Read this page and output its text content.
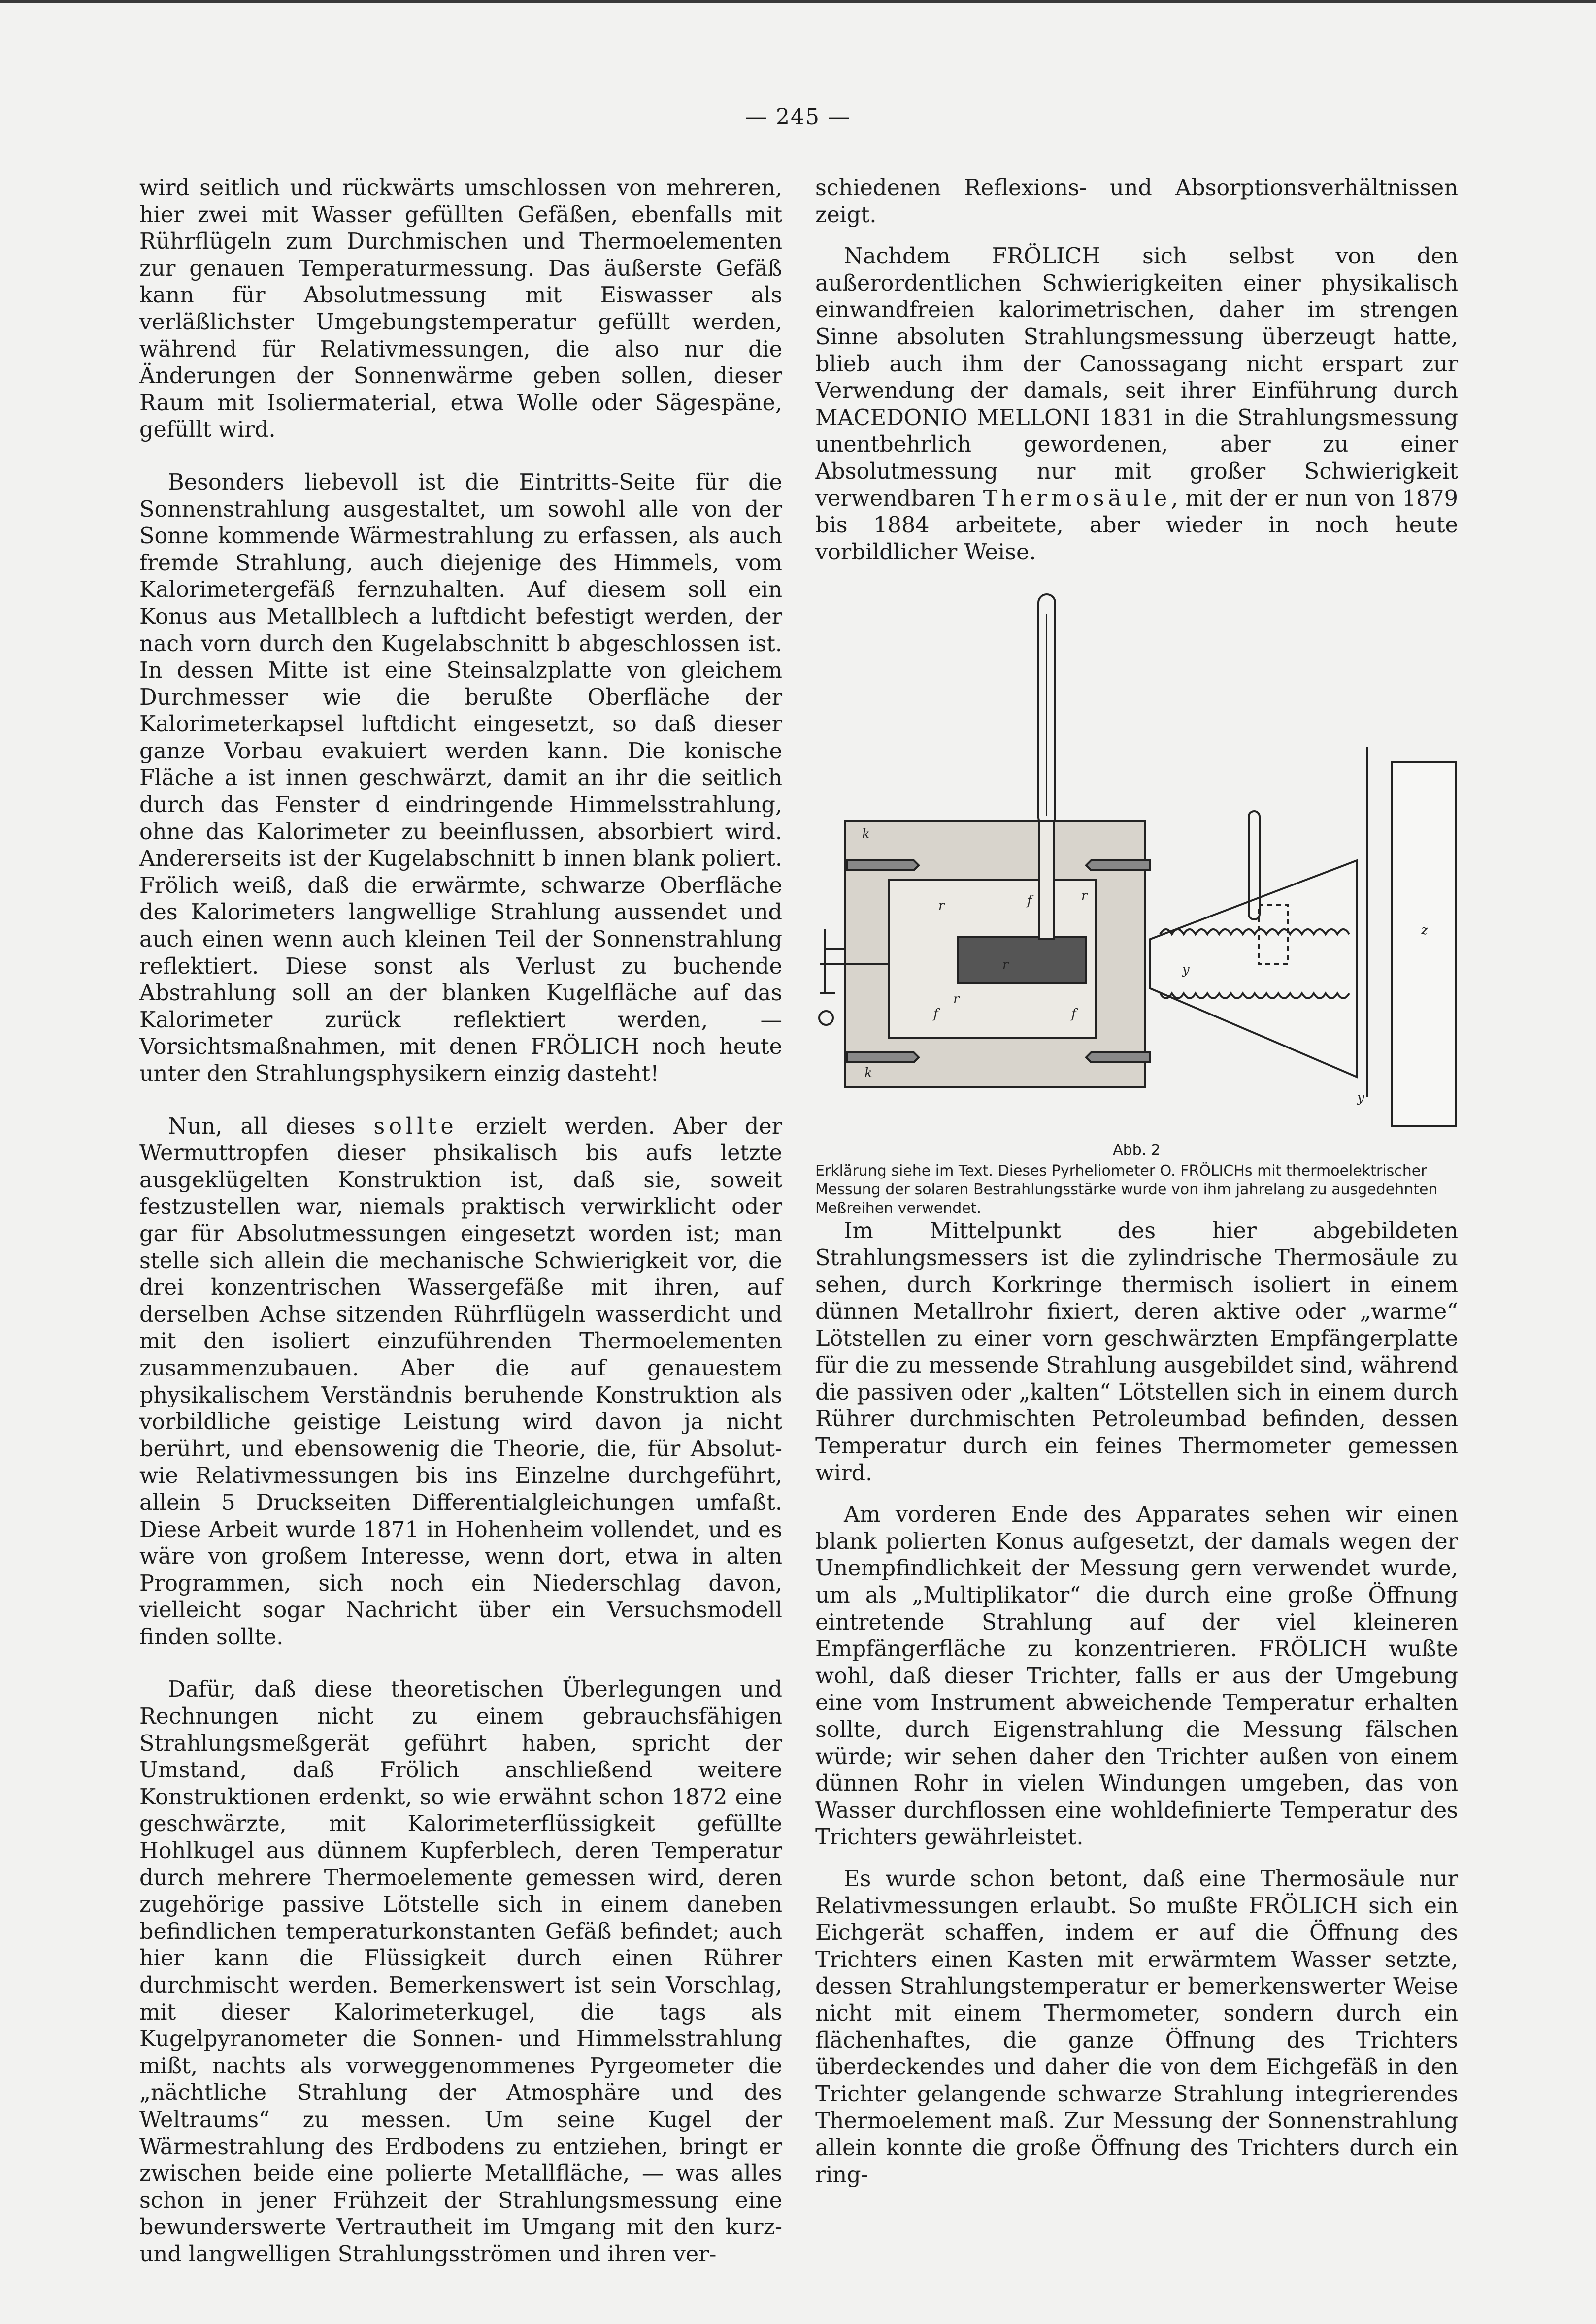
— 245 —

wird seitlich und rückwärts umschlossen von mehreren, hier zwei mit Wasser gefüllten Gefäßen, ebenfalls mit Rührflügeln zum Durchmischen und Thermoelementen zur genauen Temperaturmessung. Das äußerste Gefäß kann für Absolutmessung mit Eiswasser als verläßlichster Umgebungstemperatur gefüllt werden, während für Relativmessungen, die also nur die Änderungen der Sonnenwärme geben sollen, dieser Raum mit Isoliermaterial, etwa Wolle oder Sägespäne, gefüllt wird.

Besonders liebevoll ist die Eintritts-Seite für die Sonnenstrahlung ausgestaltet, um sowohl alle von der Sonne kommende Wärmestrahlung zu erfassen, als auch fremde Strahlung, auch diejenige des Himmels, vom Kalorimetergefäß fernzuhalten. Auf diesem soll ein Konus aus Metallblech a luftdicht befestigt werden, der nach vorn durch den Kugelabschnitt b abgeschlossen ist. In dessen Mitte ist eine Steinsalzplatte von gleichem Durchmesser wie die berußte Oberfläche der Kalorimeterkapsel luftdicht eingesetzt, so daß dieser ganze Vorbau evakuiert werden kann. Die konische Fläche a ist innen geschwärzt, damit an ihr die seitlich durch das Fenster d eindringende Himmelsstrahlung, ohne das Kalorimeter zu beeinflussen, absorbiert wird. Andererseits ist der Kugelabschnitt b innen blank poliert. Frölich weiß, daß die erwärmte, schwarze Oberfläche des Kalorimeters langwellige Strahlung aussendet und auch einen wenn auch kleinen Teil der Sonnenstrahlung reflektiert. Diese sonst als Verlust zu buchende Abstrahlung soll an der blanken Kugelfläche auf das Kalorimeter zurück reflektiert werden, — Vorsichtsmaßnahmen, mit denen FRÖLICH noch heute unter den Strahlungsphysikern einzig dasteht!

Nun, all dieses sollte erzielt werden. Aber der Wermuttropfen dieser phsikalisch bis aufs letzte ausgeklügelten Konstruktion ist, daß sie, soweit festzustellen war, niemals praktisch verwirklicht oder gar für Absolutmessungen eingesetzt worden ist; man stelle sich allein die mechanische Schwierigkeit vor, die drei konzentrischen Wassergefäße mit ihren, auf derselben Achse sitzenden Rührflügeln wasserdicht und mit den isoliert einzuführenden Thermoelementen zusammenzubauen. Aber die auf genauestem physikalischem Verständnis beruhende Konstruktion als vorbildliche geistige Leistung wird davon ja nicht berührt, und ebensowenig die Theorie, die, für Absolut- wie Relativmessungen bis ins Einzelne durchgeführt, allein 5 Druckseiten Differentialgleichungen umfaßt. Diese Arbeit wurde 1871 in Hohenheim vollendet, und es wäre von großem Interesse, wenn dort, etwa in alten Programmen, sich noch ein Niederschlag davon, vielleicht sogar Nachricht über ein Versuchsmodell finden sollte.

Dafür, daß diese theoretischen Überlegungen und Rechnungen nicht zu einem gebrauchsfähigen Strahlungsmeßgerät geführt haben, spricht der Umstand, daß Frölich anschließend weitere Konstruktionen erdenkt, so wie erwähnt schon 1872 eine geschwärzte, mit Kalorimeterflüssigkeit gefüllte Hohlkugel aus dünnem Kupferblech, deren Temperatur durch mehrere Thermoelemente gemessen wird, deren zugehörige passive Lötstelle sich in einem daneben befindlichen temperaturkonstanten Gefäß befindet; auch hier kann die Flüssigkeit durch einen Rührer durchmischt werden. Bemerkenswert ist sein Vorschlag, mit dieser Kalorimeterkugel, die tags als Kugelpyranometer die Sonnen- und Himmelsstrahlung mißt, nachts als vorweggenommenes Pyrgeometer die „nächtliche Strahlung der Atmosphäre und des Weltraums“ zu messen. Um seine Kugel der Wärmestrahlung des Erdbodens zu entziehen, bringt er zwischen beide eine polierte Metallfläche, — was alles schon in jener Frühzeit der Strahlungsmessung eine bewunderswerte Vertrautheit im Umgang mit den kurz- und langwelligen Strahlungsströmen und ihren ver-

schiedenen Reflexions- und Absorptionsverhältnissen zeigt.

Nachdem FRÖLICH sich selbst von den außerordentlichen Schwierigkeiten einer physikalisch einwandfreien kalorimetrischen, daher im strengen Sinne absoluten Strahlungsmessung überzeugt hatte, blieb auch ihm der Canossagang nicht erspart zur Verwendung der damals, seit ihrer Einführung durch MACEDONIO MELLONI 1831 in die Strahlungsmessung unentbehrlich gewordenen, aber zu einer Absolutmessung nur mit großer Schwierigkeit verwendbaren Thermosäule, mit der er nun von 1879 bis 1884 arbeitete, aber wieder in noch heute vorbildlicher Weise.

k
r
r
r
r
f	f
f
k
y
z
y
Abb. 2
Erklärung siehe im Text. Dieses Pyrheliometer O. FRÖLICHs mit thermoelektrischer Messung der solaren Bestrahlungsstärke wurde von ihm jahrelang zu ausgedehnten Meßreihen verwendet.

Im Mittelpunkt des hier abgebildeten Strahlungsmessers ist die zylindrische Thermosäule zu sehen, durch Korkringe thermisch isoliert in einem dünnen Metallrohr fixiert, deren aktive oder „warme“ Lötstellen zu einer vorn geschwärzten Empfängerplatte für die zu messende Strahlung ausgebildet sind, während die passiven oder „kalten“ Lötstellen sich in einem durch Rührer durchmischten Petroleumbad befinden, dessen Temperatur durch ein feines Thermometer gemessen wird.

Am vorderen Ende des Apparates sehen wir einen blank polierten Konus aufgesetzt, der damals wegen der Unempfindlichkeit der Messung gern verwendet wurde, um als „Multiplikator“ die durch eine große Öffnung eintretende Strahlung auf der viel kleineren Empfängerfläche zu konzentrieren. FRÖLICH wußte wohl, daß dieser Trichter, falls er aus der Umgebung eine vom Instrument abweichende Temperatur erhalten sollte, durch Eigenstrahlung die Messung fälschen würde; wir sehen daher den Trichter außen von einem dünnen Rohr in vielen Windungen umgeben, das von Wasser durchflossen eine wohldefinierte Temperatur des Trichters gewährleistet.

Es wurde schon betont, daß eine Thermosäule nur Relativmessungen erlaubt. So mußte FRÖLICH sich ein Eichgerät schaffen, indem er auf die Öffnung des Trichters einen Kasten mit erwärmtem Wasser setzte, dessen Strahlungstemperatur er bemerkenswerter Weise nicht mit einem Thermometer, sondern durch ein flächenhaftes, die ganze Öffnung des Trichters überdeckendes und daher die von dem Eichgefäß in den Trichter gelangende schwarze Strahlung integrierendes Thermoelement maß. Zur Messung der Sonnenstrahlung allein konnte die große Öffnung des Trichters durch ein ring-
